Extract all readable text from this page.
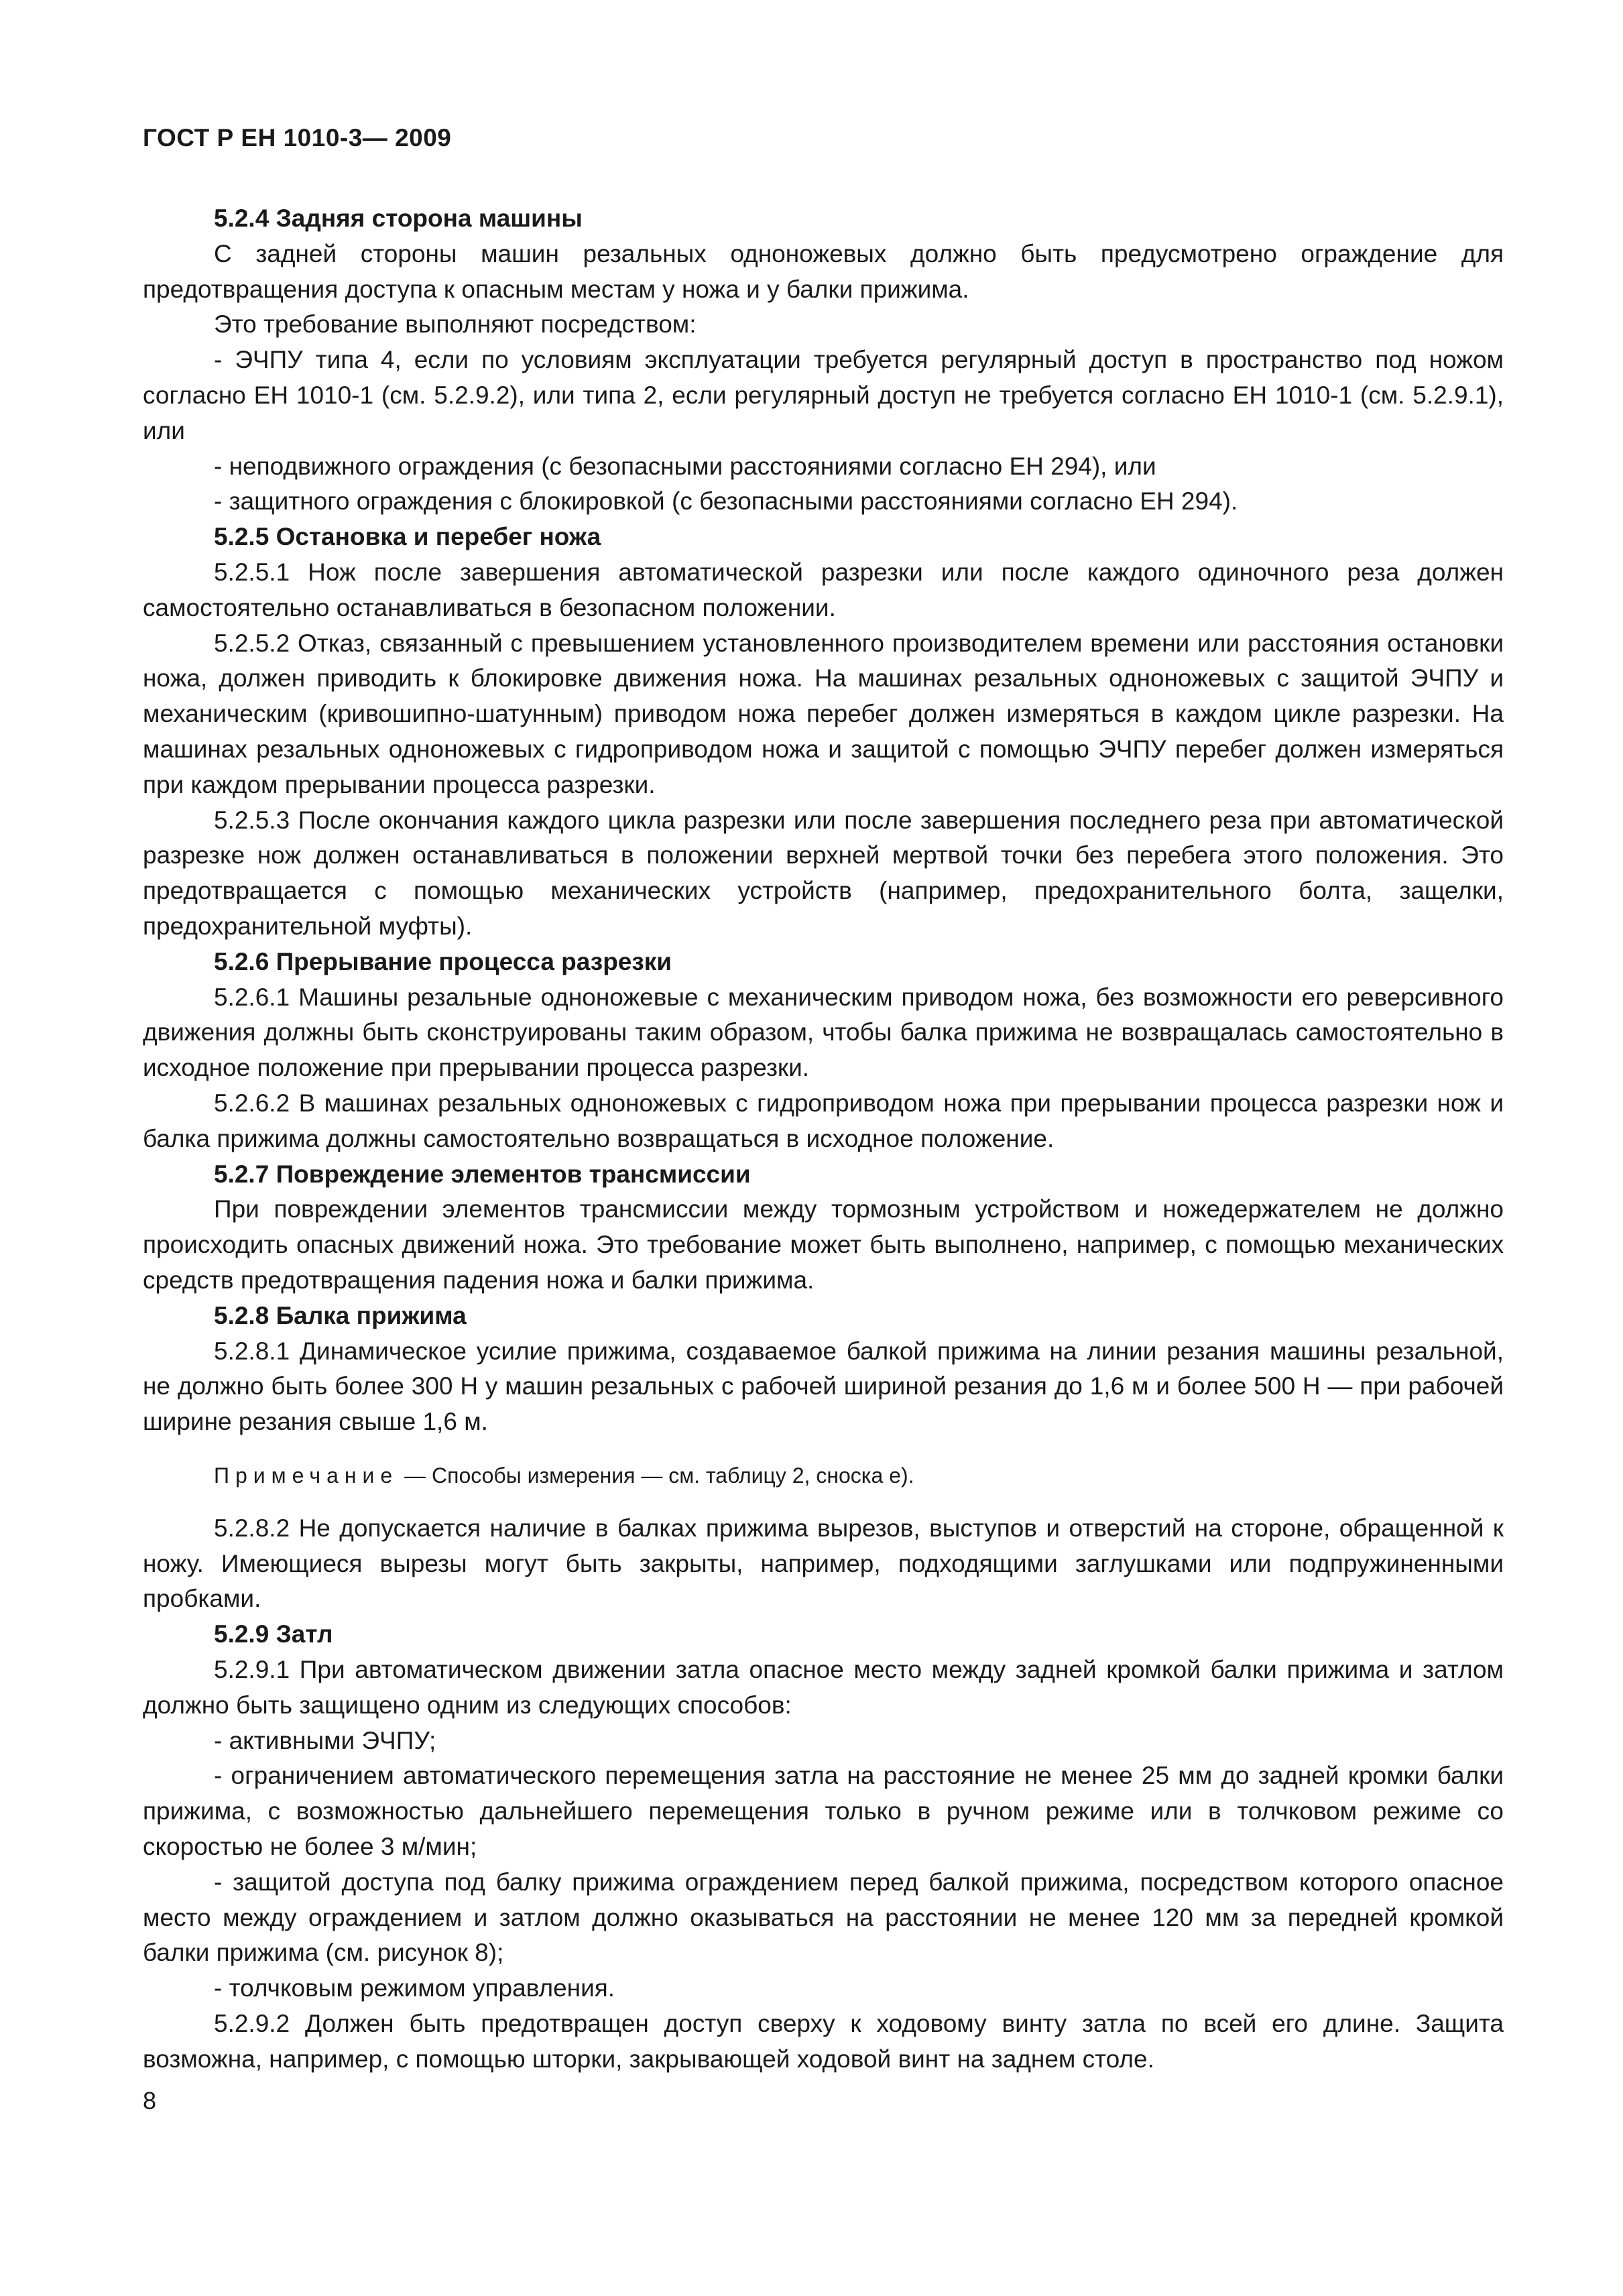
ГОСТ Р ЕН 1010-3— 2009
5.2.4 Задняя сторона машины

С задней стороны машин резальных одноножевых должно быть предусмотрено ограждение для предотвращения доступа к опасным местам у ножа и у балки прижима.

Это требование выполняют посредством:

- ЭЧПУ типа 4, если по условиям эксплуатации требуется регулярный доступ в пространство под ножом согласно ЕН 1010-1 (см. 5.2.9.2), или типа 2, если регулярный доступ не требуется согласно ЕН 1010-1 (см. 5.2.9.1), или

- неподвижного ограждения (с безопасными расстояниями согласно ЕН 294), или

- защитного ограждения с блокировкой (с безопасными расстояниями согласно ЕН 294).

5.2.5 Остановка и перебег ножа

5.2.5.1 Нож после завершения автоматической разрезки или после каждого одиночного реза должен самостоятельно останавливаться в безопасном положении.

5.2.5.2 Отказ, связанный с превышением установленного производителем времени или расстояния остановки ножа, должен приводить к блокировке движения ножа. На машинах резальных одноножевых с защитой ЭЧПУ и механическим (кривошипно-шатунным) приводом ножа перебег должен измеряться в каждом цикле разрезки. На машинах резальных одноножевых с гидроприводом ножа и защитой с помощью ЭЧПУ перебег должен измеряться при каждом прерывании процесса разрезки.

5.2.5.3 После окончания каждого цикла разрезки или после завершения последнего реза при автоматической разрезке нож должен останавливаться в положении верхней мертвой точки без перебега этого положения. Это предотвращается с помощью механических устройств (например, предохранительного болта, защелки, предохранительной муфты).

5.2.6 Прерывание процесса разрезки

5.2.6.1 Машины резальные одноножевые с механическим приводом ножа, без возможности его реверсивного движения должны быть сконструированы таким образом, чтобы балка прижима не возвращалась самостоятельно в исходное положение при прерывании процесса разрезки.

5.2.6.2 В машинах резальных одноножевых с гидроприводом ножа при прерывании процесса разрезки нож и балка прижима должны самостоятельно возвращаться в исходное положение.

5.2.7 Повреждение элементов трансмиссии

При повреждении элементов трансмиссии между тормозным устройством и ножедержателем не должно происходить опасных движений ножа. Это требование может быть выполнено, например, с помощью механических средств предотвращения падения ножа и балки прижима.

5.2.8 Балка прижима

5.2.8.1 Динамическое усилие прижима, создаваемое балкой прижима на линии резания машины резальной, не должно быть более 300 Н у машин резальных с рабочей шириной резания до 1,6 м и более 500 Н — при рабочей ширине резания свыше 1,6 м.

Примечание — Способы измерения — см. таблицу 2, сноска е).

5.2.8.2 Не допускается наличие в балках прижима вырезов, выступов и отверстий на стороне, обращенной к ножу. Имеющиеся вырезы могут быть закрыты, например, подходящими заглушками или подпружиненными пробками.

5.2.9 Затл

5.2.9.1 При автоматическом движении затла опасное место между задней кромкой балки прижима и затлом должно быть защищено одним из следующих способов:

- активными ЭЧПУ;

- ограничением автоматического перемещения затла на расстояние не менее 25 мм до задней кромки балки прижима, с возможностью дальнейшего перемещения только в ручном режиме или в толчковом режиме со скоростью не более 3 м/мин;

- защитой доступа под балку прижима ограждением перед балкой прижима, посредством которого опасное место между ограждением и затлом должно оказываться на расстоянии не менее 120 мм за передней кромкой балки прижима (см. рисунок 8);

- толчковым режимом управления.

5.2.9.2 Должен быть предотвращен доступ сверху к ходовому винту затла по всей его длине. Защита возможна, например, с помощью шторки, закрывающей ходовой винт на заднем столе.

8
